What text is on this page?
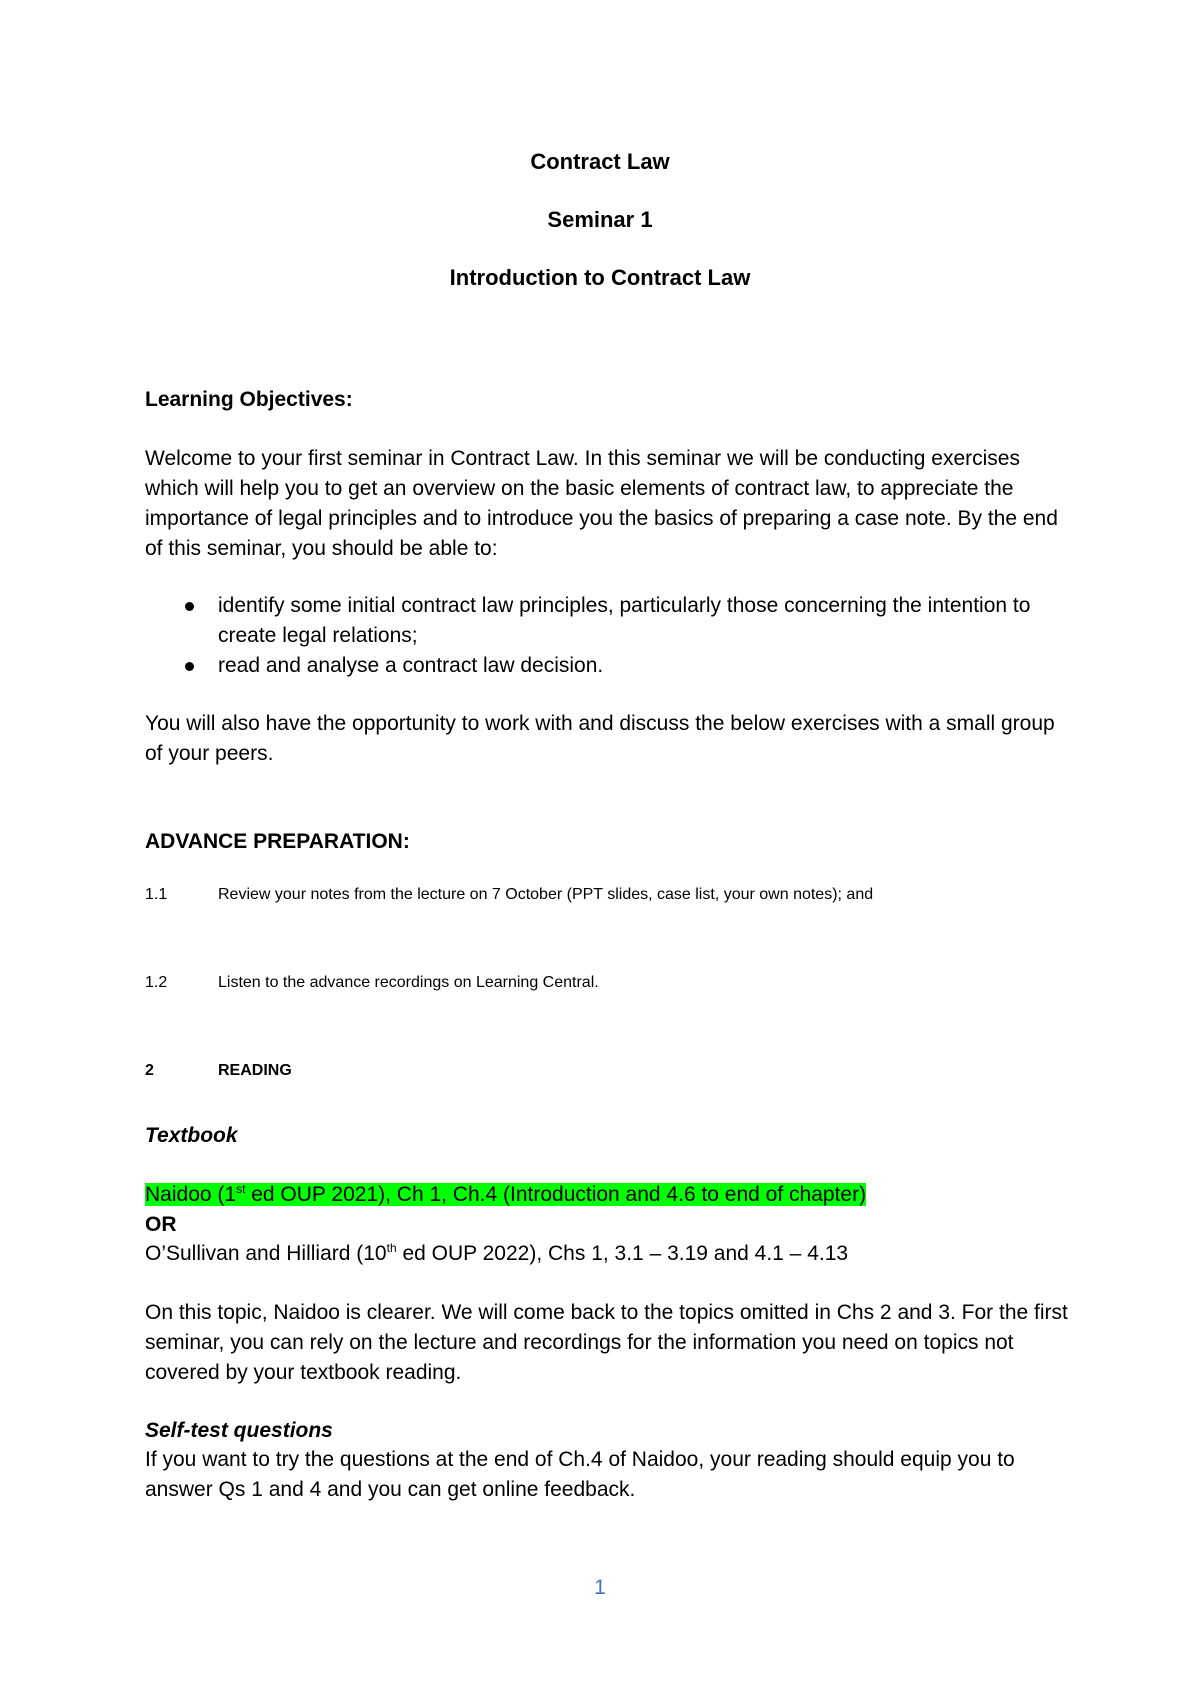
Contract Law
Seminar 1
Introduction to Contract Law
Learning Objectives:
Welcome to your first seminar in Contract Law. In this seminar we will be conducting exercises which will help you to get an overview on the basic elements of contract law, to appreciate the importance of legal principles and to introduce you the basics of preparing a case note. By the end of this seminar, you should be able to:
identify some initial contract law principles, particularly those concerning the intention to create legal relations;
read and analyse a contract law decision.
You will also have the opportunity to work with and discuss the below exercises with a small group of your peers.
ADVANCE PREPARATION:
1.1	Review your notes from the lecture on 7 October (PPT slides, case list, your own notes); and
1.2	Listen to the advance recordings on Learning Central.
2	READING
Textbook
Naidoo (1st ed OUP 2021), Ch 1, Ch.4 (Introduction and 4.6 to end of chapter)
OR
O’Sullivan and Hilliard (10th ed OUP 2022), Chs 1, 3.1 – 3.19 and 4.1 – 4.13
On this topic, Naidoo is clearer. We will come back to the topics omitted in Chs 2 and 3. For the first seminar, you can rely on the lecture and recordings for the information you need on topics not covered by your textbook reading.
Self-test questions
If you want to try the questions at the end of Ch.4 of Naidoo, your reading should equip you to answer Qs 1 and 4 and you can get online feedback.
1
